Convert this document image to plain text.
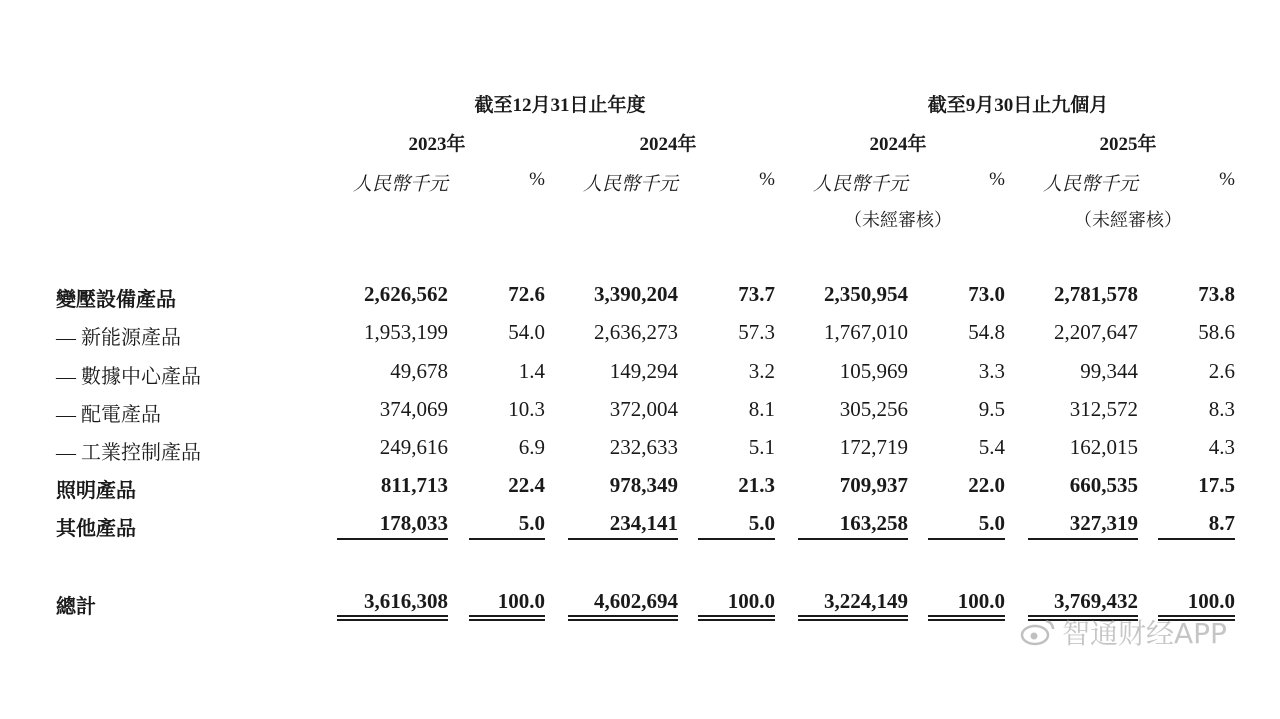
截至12月31日止年度	截至9月30日止九個月
2023年	2024年	2024年	2025年
人民幣千元	% 人民幣千元	% 人民幣千元	% 人民幣千元	%
（未經審核）	（未經審核）
變壓設備產品	2,626,562	72.6 3,390,204	73.7 2,350,954	73.0 2,781,578	73.8
— 新能源產品	1,953,199	54.0 2,636,273	57.3 1,767,010	54.8 2,207,647	58.6
— 數據中心產品	49,678	1.4	149,294	3.2	105,969	3.3	99,344	2.6
— 配電產品	374,069	10.3	372,004	8.1	305,256	9.5	312,572	8.3
— 工業控制產品	249,616	6.9	232,633	5.1	172,719	5.4	162,015	4.3
照明產品	811,713	22.4	978,349	21.3	709,937	22.0	660,535	17.5
其他產品	178,033	5.0	234,141	5.0	163,258	5.0	327,319	8.7
總計	3,616,308 100.0 4,602,694 100.0 3,224,149 100.0 3,769,432 100.0
智通财经APP
